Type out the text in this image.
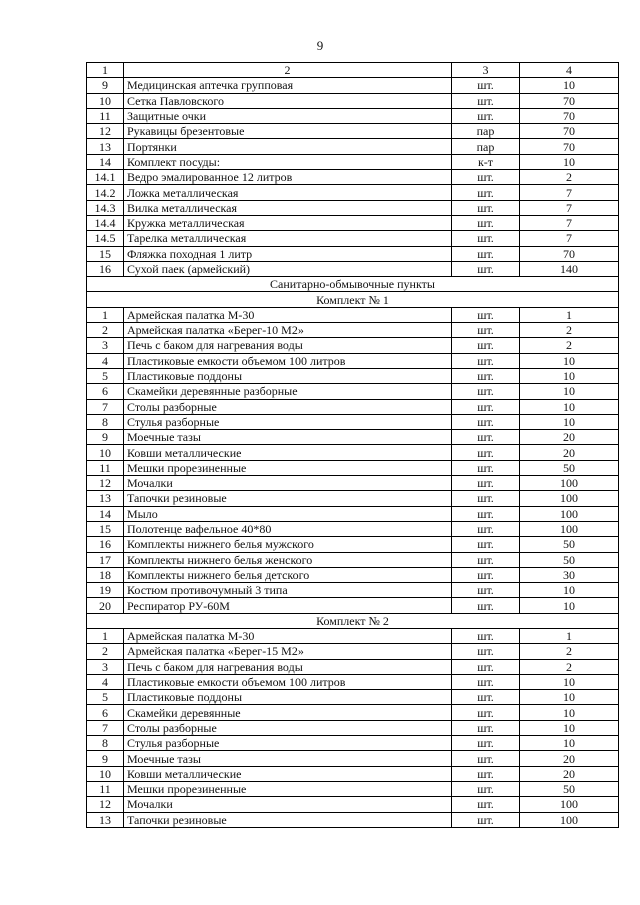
9
1	2	3	4
9	Медицинская аптечка групповая	шт.	10
10	Сетка Павловского	шт.	70
11	Защитные очки	шт.	70
12	Рукавицы брезентовые	пар	70
13	Портянки	пар	70
14	Комплект посуды:	к-т	10
14.1	Ведро эмалированное 12 литров	шт.	2
14.2	Ложка металлическая	шт.	7
14.3	Вилка металлическая	шт.	7
14.4	Кружка металлическая	шт.	7
14.5	Тарелка металлическая	шт.	7
15	Фляжка походная 1 литр	шт.	70
16	Сухой паек (армейский)	шт.	140
Санитарно-обмывочные пункты			
Комплект № 1			
1	Армейская палатка М-30	шт.	1
2	Армейская палатка «Берег-10 М2»	шт.	2
3	Печь с баком для нагревания воды	шт.	2
4	Пластиковые емкости объемом 100 литров	шт.	10
5	Пластиковые поддоны	шт.	10
6	Скамейки деревянные разборные	шт.	10
7	Столы разборные	шт.	10
8	Стулья разборные	шт.	10
9	Моечные тазы	шт.	20
10	Ковши металлические	шт.	20
11	Мешки прорезиненные	шт.	50
12	Мочалки	шт.	100
13	Тапочки резиновые	шт.	100
14	Мыло	шт.	100
15	Полотенце вафельное 40*80	шт.	100
16	Комплекты нижнего белья мужского	шт.	50
17	Комплекты нижнего белья женского	шт.	50
18	Комплекты нижнего белья детского	шт.	30
19	Костюм противочумный 3 типа	шт.	10
20	Респиратор РУ-60М	шт.	10
Комплект № 2			
1	Армейская палатка М-30	шт.	1
2	Армейская палатка «Берег-15 М2»	шт.	2
3	Печь с баком для нагревания воды	шт.	2
4	Пластиковые емкости объемом 100 литров	шт.	10
5	Пластиковые поддоны	шт.	10
6	Скамейки деревянные	шт.	10
7	Столы разборные	шт.	10
8	Стулья разборные	шт.	10
9	Моечные тазы	шт.	20
10	Ковши металлические	шт.	20
11	Мешки прорезиненные	шт.	50
12	Мочалки	шт.	100
13	Тапочки резиновые	шт.	100
